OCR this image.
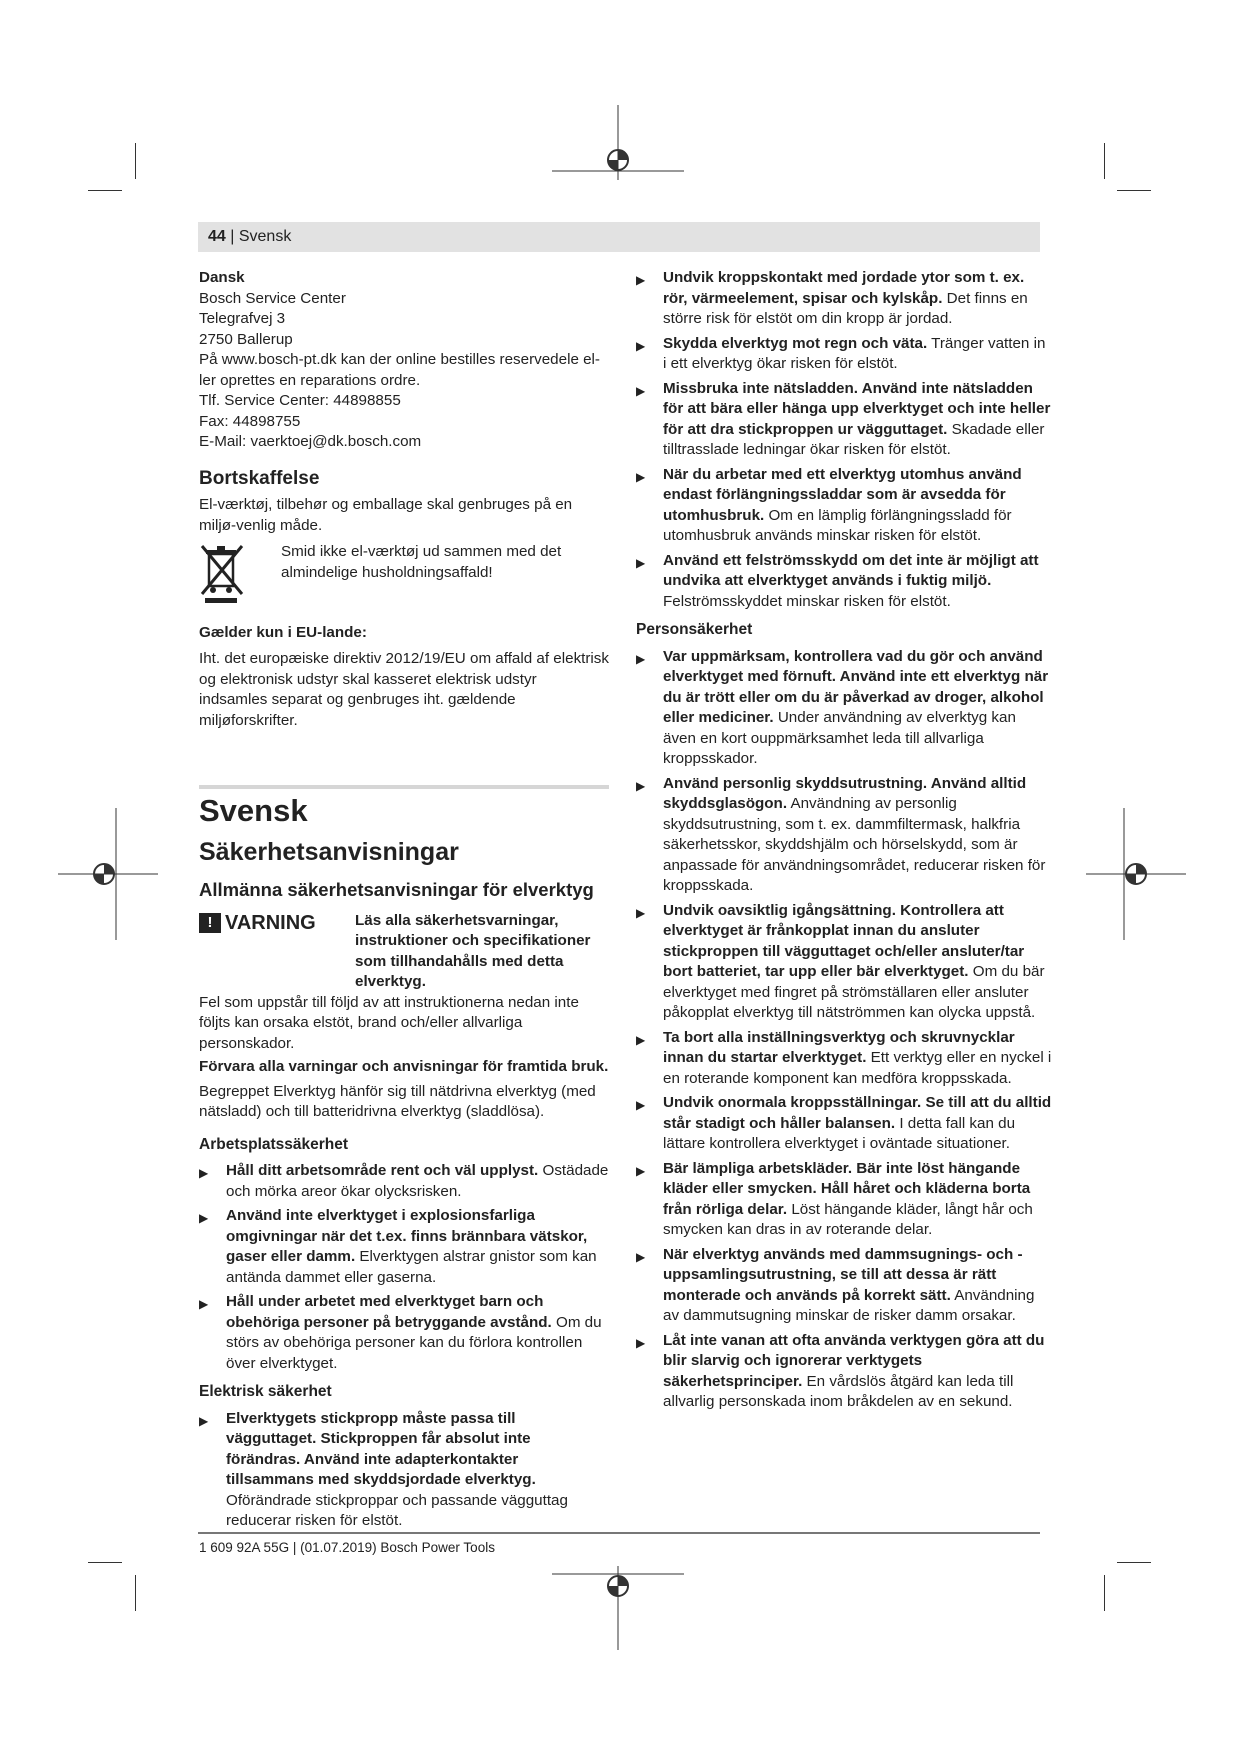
44 | Svensk
Dansk
Bosch Service Center
Telegrafvej 3
2750 Ballerup
På www.bosch-pt.dk kan der online bestilles reservedele el-
ler oprettes en reparations ordre.
Tlf. Service Center: 44898855
Fax: 44898755
E-Mail: vaerktoej@dk.bosch.com
Bortskaffelse
El-værktøj, tilbehør og emballage skal genbruges på en miljø-venlig måde.
Smid ikke el-værktøj ud sammen med det almindelige husholdningsaffald!
Gælder kun i EU-lande:
Iht. det europæiske direktiv 2012/19/EU om affald af elektrisk og elektronisk udstyr skal kasseret elektrisk udstyr indsamles separat og genbruges iht. gældende miljøforskrifter.
Svensk
Säkerhetsanvisningar
Allmänna säkerhetsanvisningar för elverktyg
! VARNING	Läs alla säkerhetsvarningar, instruktioner och specifikationer som tillhandahålls med detta elverktyg.
Fel som uppstår till följd av att instruktionerna nedan inte följts kan orsaka elstöt, brand och/eller allvarliga personskador.
Förvara alla varningar och anvisningar för framtida bruk.
Begreppet Elverktyg hänför sig till nätdrivna elverktyg (med nätsladd) och till batteridrivna elverktyg (sladdlösa).
Arbetsplatssäkerhet
▶	Håll ditt arbetsområde rent och väl upplyst. Ostädade och mörka areor ökar olycksrisken.
▶	Använd inte elverktyget i explosionsfarliga omgivningar när det t.ex. finns brännbara vätskor, gaser eller damm. Elverktygen alstrar gnistor som kan antända dammet eller gaserna.
▶	Håll under arbetet med elverktyget barn och obehöriga personer på betryggande avstånd. Om du störs av obehöriga personer kan du förlora kontrollen över elverktyget.
Elektrisk säkerhet
▶	Elverktygets stickpropp måste passa till vägguttaget. Stickproppen får absolut inte förändras. Använd inte adapterkontakter tillsammans med skyddsjordade elverktyg. Oförändrade stickproppar och passande vägguttag reducerar risken för elstöt.
▶	Undvik kroppskontakt med jordade ytor som t. ex. rör, värmeelement, spisar och kylskåp. Det finns en större risk för elstöt om din kropp är jordad.
▶	Skydda elverktyg mot regn och väta. Tränger vatten in i ett elverktyg ökar risken för elstöt.
▶	Missbruka inte nätsladden. Använd inte nätsladden för att bära eller hänga upp elverktyget och inte heller för att dra stickproppen ur vägguttaget. Skadade eller tilltrasslade ledningar ökar risken för elstöt.
▶	När du arbetar med ett elverktyg utomhus använd endast förlängningssladdar som är avsedda för utomhusbruk. Om en lämplig förlängningssladd för utomhusbruk används minskar risken för elstöt.
▶	Använd ett felströmsskydd om det inte är möjligt att undvika att elverktyget används i fuktig miljö. Felströmsskyddet minskar risken för elstöt.
Personsäkerhet
▶	Var uppmärksam, kontrollera vad du gör och använd elverktyget med förnuft. Använd inte ett elverktyg när du är trött eller om du är påverkad av droger, alkohol eller mediciner. Under användning av elverktyg kan även en kort ouppmärksamhet leda till allvarliga kroppsskador.
▶	Använd personlig skyddsutrustning. Använd alltid skyddsglasögon. Användning av personlig skyddsutrustning, som t. ex. dammfiltermask, halkfria säkerhetsskor, skyddshjälm och hörselskydd, som är anpassade för användningsområdet, reducerar risken för kroppsskada.
▶	Undvik oavsiktlig igångsättning. Kontrollera att elverktyget är frånkopplat innan du ansluter stickproppen till vägguttaget och/eller ansluter/tar bort batteriet, tar upp eller bär elverktyget. Om du bär elverktyget med fingret på strömställaren eller ansluter påkopplat elverktyg till nätströmmen kan olycka uppstå.
▶	Ta bort alla inställningsverktyg och skruvnycklar innan du startar elverktyget. Ett verktyg eller en nyckel i en roterande komponent kan medföra kroppsskada.
▶	Undvik onormala kroppsställningar. Se till att du alltid står stadigt och håller balansen. I detta fall kan du lättare kontrollera elverktyget i oväntade situationer.
▶	Bär lämpliga arbetskläder. Bär inte löst hängande kläder eller smycken. Håll håret och kläderna borta från rörliga delar. Löst hängande kläder, långt hår och smycken kan dras in av roterande delar.
▶	När elverktyg används med dammsugnings- och -uppsamlingsutrustning, se till att dessa är rätt monterade och används på korrekt sätt. Användning av dammutsugning minskar de risker damm orsakar.
▶	Låt inte vanan att ofta använda verktygen göra att du blir slarvig och ignorerar verktygets säkerhetsprinciper. En vårdslös åtgärd kan leda till allvarlig personskada inom bråkdelen av en sekund.
1 609 92A 55G | (01.07.2019) Bosch Power Tools
